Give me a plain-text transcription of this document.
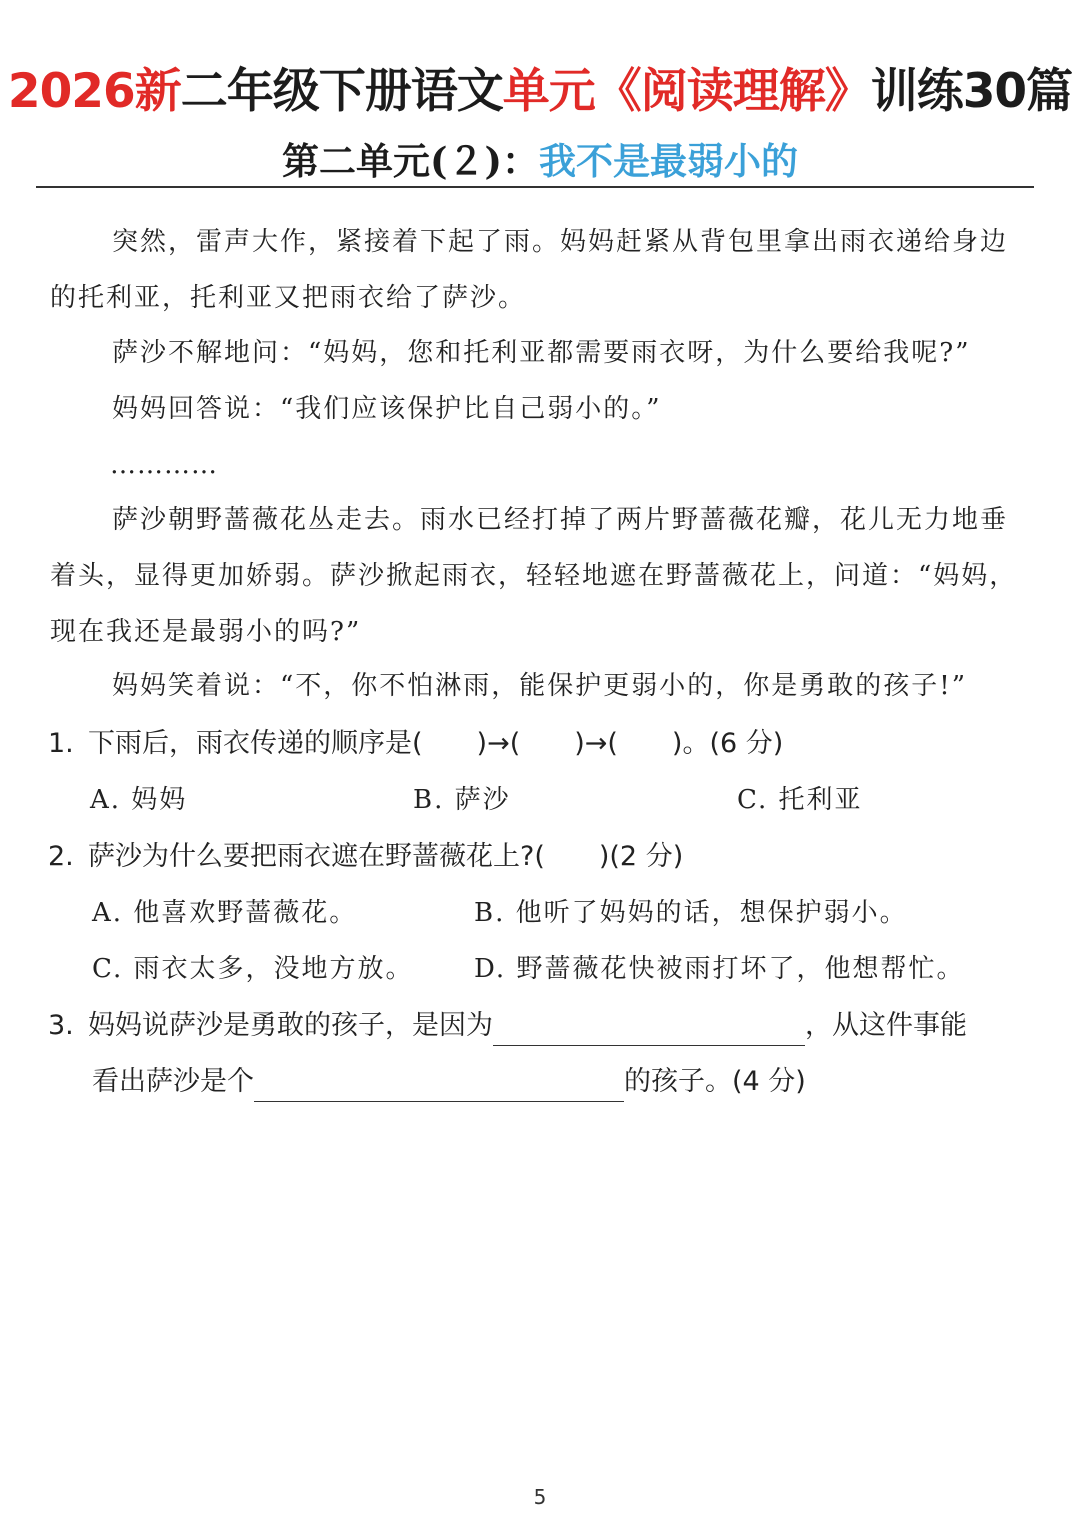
2026新二年级下册语文单元《阅读理解》训练30篇
第二单元(２)：我不是最弱小的
突然，雷声大作，紧接着下起了雨。妈妈赶紧从背包里拿出雨衣递给身边的托利亚，托利亚又把雨衣给了萨沙。
萨沙不解地问：“妈妈，您和托利亚都需要雨衣呀，为什么要给我呢?”
妈妈回答说：“我们应该保护比自己弱小的。”
…………
萨沙朝野蔷薇花丛走去。雨水已经打掉了两片野蔷薇花瓣，花儿无力地垂着头，显得更加娇弱。萨沙掀起雨衣，轻轻地遮在野蔷薇花上，问道：“妈妈，现在我还是最弱小的吗?”
妈妈笑着说：“不，你不怕淋雨，能保护更弱小的，你是勇敢的孩子!”
1. 下雨后，雨衣传递的顺序是(　　)→(　　)→(　　)。(6 分)
A. 妈妈	B. 萨沙	C. 托利亚
2. 萨沙为什么要把雨衣遮在野蔷薇花上?(　　)(2 分)
A. 他喜欢野蔷薇花。	B. 他听了妈妈的话，想保护弱小。
C. 雨衣太多，没地方放。 D. 野蔷薇花快被雨打坏了，他想帮忙。
3. 妈妈说萨沙是勇敢的孩子，是因为	，从这件事能
看出萨沙是个	的孩子。(4 分)
5
